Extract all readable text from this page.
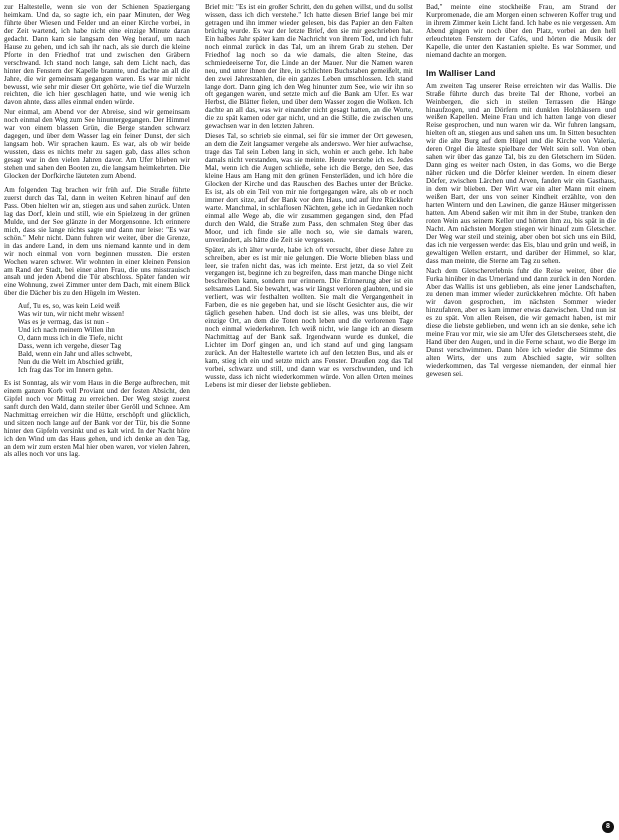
zur Haltestelle, wenn sie von der Schienen Spaziergang heimkam. Und da, so sagte ich, ein paar Minuten, der Weg führte über Wiesen und Felder und an einer Kirche vorbei, in der Zeit wartend, ich habe nicht eine einzige Minute daran gedacht. Dann kam sie langsam den Weg herauf, um nach Hause zu gehen, und ich sah ihr nach, als sie durch die kleine Pforte in den Friedhof trat und zwischen den Gräbern verschwand. Ich stand noch lange, sah dem Licht nach, das hinter den Fenstern der Kapelle brannte, und dachte an all die Jahre, die wir gemeinsam gegangen waren. Es war mir nicht bewusst, wie sehr mir dieser Ort gehörte, wie tief die Wurzeln reichten, die ich hier geschlagen hatte, und wie wenig ich davon ahnte, dass alles einmal enden würde.

Nur einmal, am Abend vor der Abreise, sind wir gemeinsam noch einmal den Weg zum See hinuntergegangen. Der Himmel war von einem blassen Grün, die Berge standen schwarz dagegen, und über dem Wasser lag ein feiner Dunst, der sich langsam hob. Wir sprachen kaum. Es war, als ob wir beide wussten, dass es nichts mehr zu sagen gab, dass alles schon gesagt war in den vielen Jahren davor. Am Ufer blieben wir stehen und sahen den Booten zu, die langsam heimkehrten. Die Glocken der Dorfkirche läuteten zum Abend.

Am folgenden Tag brachen wir früh auf. Die Straße führte zuerst durch das Tal, dann in weiten Kehren hinauf auf den Pass. Oben hielten wir an, stiegen aus und sahen zurück. Unten lag das Dorf, klein und still, wie ein Spielzeug in der grünen Mulde, und der See glänzte in der Morgensonne. Ich erinnere mich, dass sie lange nichts sagte und dann nur leise: "Es war schön." Mehr nicht. Dann fuhren wir weiter, über die Grenze, in das andere Land, in dem uns niemand kannte und in dem wir noch einmal von vorn beginnen mussten. Die ersten Wochen waren schwer. Wir wohnten in einer kleinen Pension am Rand der Stadt, bei einer alten Frau, die uns misstrauisch ansah und jeden Abend die Tür abschloss. Später fanden wir eine Wohnung, zwei Zimmer unter dem Dach, mit einem Blick über die Dächer bis zu den Hügeln im Westen.

Auf, Tu es, so, was kein Leid weiß
Was wir tun, wir nicht mehr wissen!
Was es je vermag, das ist nun -
Und ich nach meinem Willen ihn
O, dann muss ich in die Tiefe, nicht
Dass, wenn ich vergehe, dieser Tag
Bald, wenn ein Jahr und alles schwebt,
Nun du die Welt im Abschied grüßt,
Ich frag das Tor im Innern gehn.

Es ist Sonntag, als wir vom Haus in die Berge aufbrechen, mit einem ganzen Korb voll Proviant und der festen Absicht, den Gipfel noch vor Mittag zu erreichen. Der Weg steigt zuerst sanft durch den Wald, dann steiler über Geröll und Schnee. Am Nachmittag erreichen wir die Hütte, erschöpft und glücklich, und sitzen noch lange auf der Bank vor der Tür, bis die Sonne hinter den Gipfeln versinkt und es kalt wird. In der Nacht höre ich den Wind um das Haus gehen, und ich denke an den Tag, an dem wir zum ersten Mal hier oben waren, vor vielen Jahren, als alles noch vor uns lag.

Brief mit: "Es ist ein großer Schritt, den du gehen willst, und du sollst wissen, dass ich dich verstehe." Ich hatte diesen Brief lange bei mir getragen und ihn immer wieder gelesen, bis das Papier an den Falten brüchig wurde. Es war der letzte Brief, den sie mir geschrieben hat. Ein halbes Jahr später kam die Nachricht von ihrem Tod, und ich fuhr noch einmal zurück in das Tal, um an ihrem Grab zu stehen. Der Friedhof lag noch so da wie damals, die alten Steine, das schmiedeeiserne Tor, die Linde an der Mauer. Nur die Namen waren neu, und unter ihnen der ihre, in schlichten Buchstaben gemeißelt, mit den zwei Jahreszahlen, die ein ganzes Leben umschlossen. Ich stand lange dort. Dann ging ich den Weg hinunter zum See, wie wir ihn so oft gegangen waren, und setzte mich auf die Bank am Ufer. Es war Herbst, die Blätter fielen, und über dem Wasser zogen die Wolken. Ich dachte an all das, was wir einander nicht gesagt hatten, an die Worte, die zu spät kamen oder gar nicht, und an die Stille, die zwischen uns gewachsen war in den letzten Jahren.

Dieses Tal, so schrieb sie einmal, sei für sie immer der Ort gewesen, an dem die Zeit langsamer vergehe als anderswo. Wer hier aufwachse, trage das Tal sein Leben lang in sich, wohin er auch gehe. Ich habe damals nicht verstanden, was sie meinte. Heute verstehe ich es. Jedes Mal, wenn ich die Augen schließe, sehe ich die Berge, den See, das kleine Haus am Hang mit den grünen Fensterläden, und ich höre die Glocken der Kirche und das Rauschen des Baches unter der Brücke. Es ist, als ob ein Teil von mir nie fortgegangen wäre, als ob er noch immer dort sitze, auf der Bank vor dem Haus, und auf ihre Rückkehr warte. Manchmal, in schlaflosen Nächten, gehe ich in Gedanken noch einmal alle Wege ab, die wir zusammen gegangen sind, den Pfad durch den Wald, die Straße zum Pass, den schmalen Steg über das Moor, und ich finde sie alle noch so, wie sie damals waren, unverändert, als hätte die Zeit sie vergessen.

Später, als ich älter wurde, habe ich oft versucht, über diese Jahre zu schreiben, aber es ist mir nie gelungen. Die Worte blieben blass und leer, sie trafen nicht das, was ich meinte. Erst jetzt, da so viel Zeit vergangen ist, beginne ich zu begreifen, dass man manche Dinge nicht beschreiben kann, sondern nur erinnern. Die Erinnerung aber ist ein seltsames Land. Sie bewahrt, was wir längst verloren glaubten, und sie verliert, was wir festhalten wollten. Sie malt die Vergangenheit in Farben, die es nie gegeben hat, und sie löscht Gesichter aus, die wir täglich gesehen haben. Und doch ist sie alles, was uns bleibt, der einzige Ort, an dem die Toten noch leben und die verlorenen Tage noch einmal wiederkehren. Ich weiß nicht, wie lange ich an diesem Nachmittag auf der Bank saß. Irgendwann wurde es dunkel, die Lichter im Dorf gingen an, und ich stand auf und ging langsam zurück. An der Haltestelle wartete ich auf den letzten Bus, und als er kam, stieg ich ein und setzte mich ans Fenster. Draußen zog das Tal vorbei, schwarz und still, und dann war es verschwunden, und ich wusste, dass ich nicht wiederkommen würde. Von allen Orten meines Lebens ist mir dieser der liebste geblieben.

Bad," meinte eine stockheiße Frau, am Strand der Kurpromenade, die am Morgen einen schweren Koffer trug und in ihrem Zimmer kein Licht fand. Ich habe es nie vergessen. Am Abend gingen wir noch über den Platz, vorbei an den hell erleuchteten Fenstern der Cafés, und hörten die Musik der Kapelle, die unter den Kastanien spielte. Es war Sommer, und niemand dachte an morgen.

Im Walliser Land

Am zweiten Tag unserer Reise erreichten wir das Wallis. Die Straße führte durch das breite Tal der Rhone, vorbei an Weinbergen, die sich in steilen Terrassen die Hänge hinaufzogen, und an Dörfern mit dunklen Holzhäusern und weißen Kapellen. Meine Frau und ich hatten lange von dieser Reise gesprochen, und nun waren wir da. Wir fuhren langsam, hielten oft an, stiegen aus und sahen uns um. In Sitten besuchten wir die alte Burg auf dem Hügel und die Kirche von Valeria, deren Orgel die älteste spielbare der Welt sein soll. Von oben sahen wir über das ganze Tal, bis zu den Gletschern im Süden. Dann ging es weiter nach Osten, in das Goms, wo die Berge näher rücken und die Dörfer kleiner werden. In einem dieser Dörfer, zwischen Lärchen und Arven, fanden wir ein Gasthaus, in dem wir blieben. Der Wirt war ein alter Mann mit einem weißen Bart, der uns von seiner Kindheit erzählte, von den harten Wintern und den Lawinen, die ganze Häuser mitgerissen hatten. Am Abend saßen wir mit ihm in der Stube, tranken den roten Wein aus seinem Keller und hörten ihm zu, bis spät in die Nacht. Am nächsten Morgen stiegen wir hinauf zum Gletscher. Der Weg war steil und steinig, aber oben bot sich uns ein Bild, das ich nie vergessen werde: das Eis, blau und grün und weiß, in gewaltigen Wellen erstarrt, und darüber der Himmel, so klar, dass man meinte, die Sterne am Tag zu sehen.

Nach dem Gletschererlebnis fuhr die Reise weiter, über die Furka hinüber in das Urnerland und dann zurück in den Norden. Aber das Wallis ist uns geblieben, als eine jener Landschaften, zu denen man immer wieder zurückkehren möchte. Oft haben wir davon gesprochen, im nächsten Sommer wieder hinzufahren, aber es kam immer etwas dazwischen. Und nun ist es zu spät. Von allen Reisen, die wir gemacht haben, ist mir diese die liebste geblieben, und wenn ich an sie denke, sehe ich meine Frau vor mir, wie sie am Ufer des Gletschersees steht, die Hand über den Augen, und in die Ferne schaut, wo die Berge im Dunst verschwimmen. Dann höre ich wieder die Stimme des alten Wirts, der uns zum Abschied sagte, wir sollten wiederkommen, das Tal vergesse niemanden, der einmal hier gewesen sei.

8
